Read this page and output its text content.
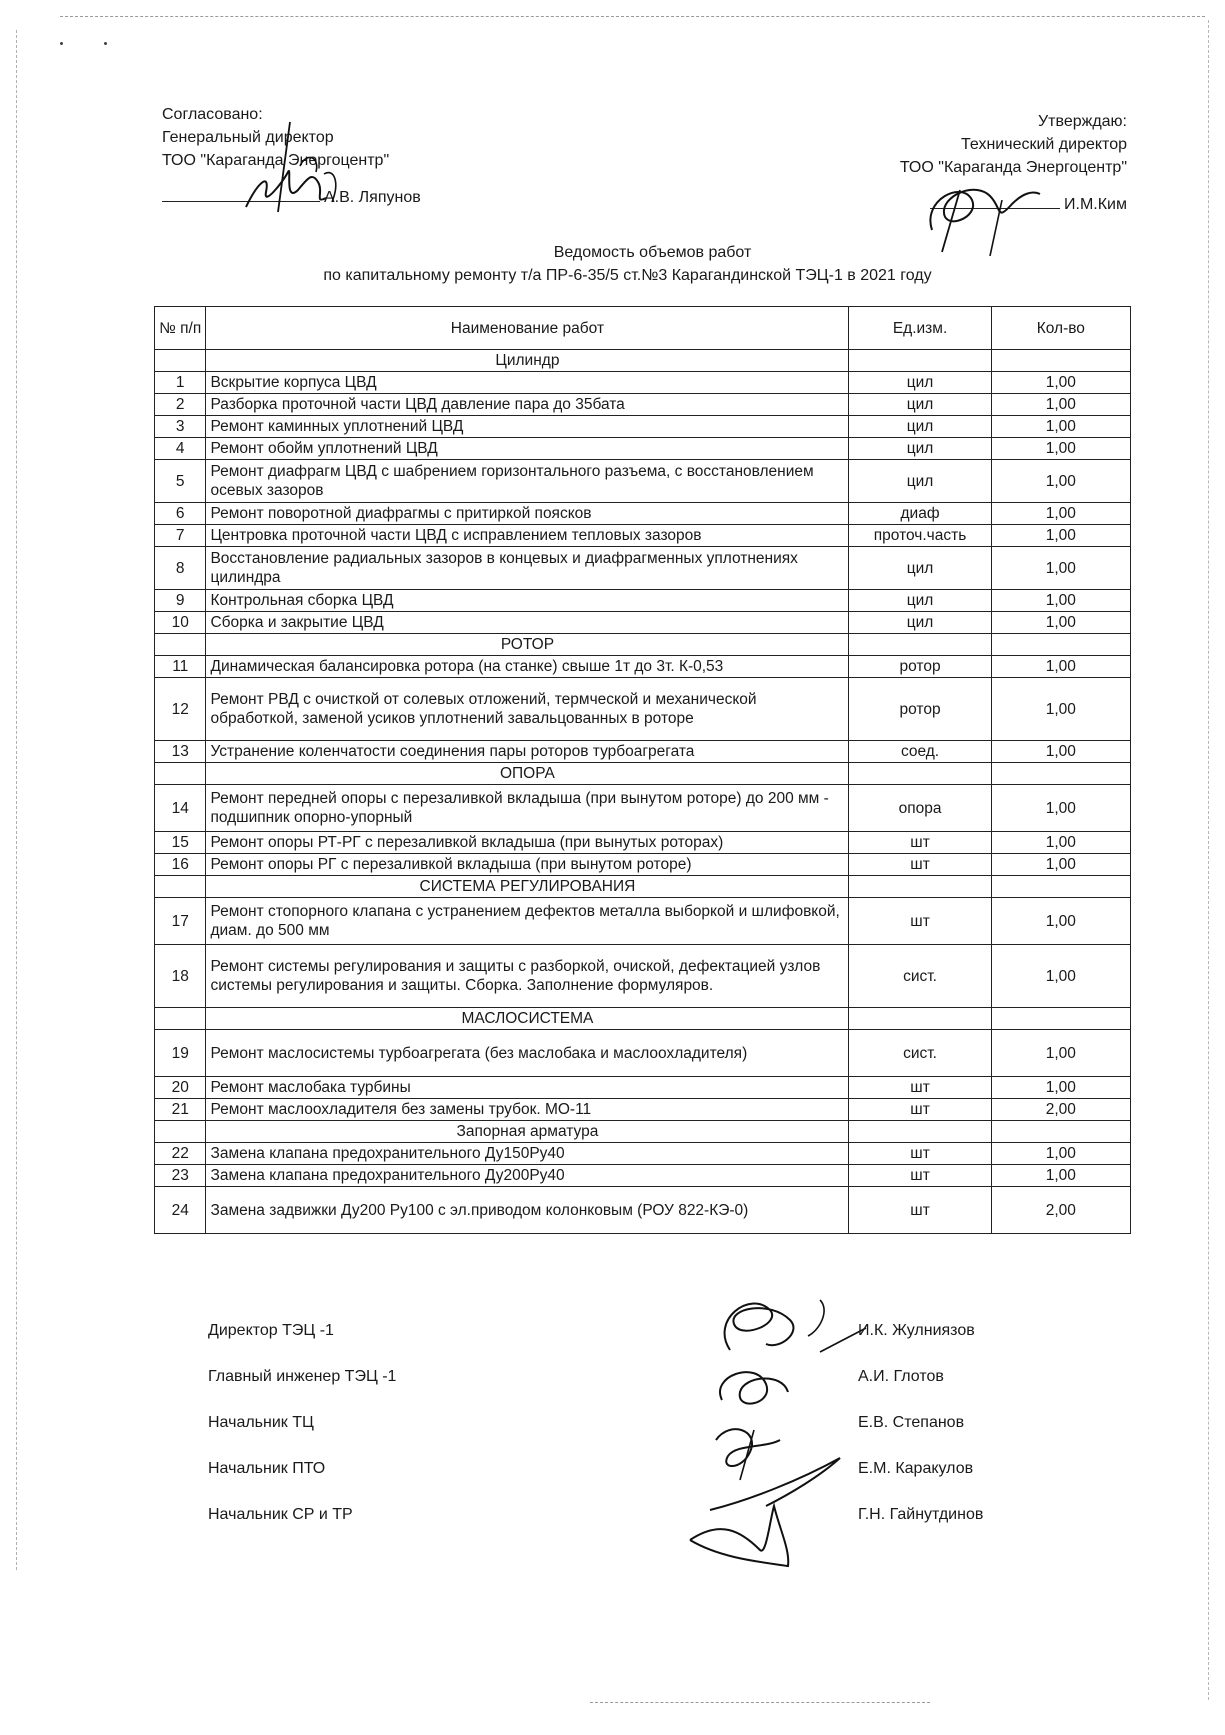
Согласовано:
Генеральный директор
ТОО "Караганда Энергоцентр"
А.В. Ляпунов
Утверждаю:
Технический директор
ТОО "Караганда Энергоцентр"
И.М.Ким
Ведомость объемов работ
по капитальному ремонту т/а ПР-6-35/5 ст.№3 Карагандинской ТЭЦ-1 в 2021 году
№ п/п	Наименование работ	Ед.изм.	Кол-во
	Цилиндр		
1	Вскрытие корпуса ЦВД	цил	1,00
2	Разборка проточной части ЦВД давление пара до 35бата	цил	1,00
3	Ремонт каминных уплотнений ЦВД	цил	1,00
4	Ремонт обойм уплотнений ЦВД	цил	1,00
5	Ремонт диафрагм ЦВД с шабрением горизонтального разъема, с восстановлением осевых зазоров	цил	1,00
6	Ремонт поворотной диафрагмы с притиркой поясков	диаф	1,00
7	Центровка проточной части ЦВД с исправлением тепловых зазоров	проточ.часть	1,00
8	Восстановление радиальных зазоров в концевых и диафрагменных уплотнениях цилиндра	цил	1,00
9	Контрольная сборка ЦВД	цил	1,00
10	Сборка и закрытие ЦВД	цил	1,00
	РОТОР		
11	Динамическая балансировка ротора (на станке) свыше 1т до 3т. К-0,53	ротор	1,00
12	Ремонт РВД с очисткой от солевых отложений, термческой и механической обработкой, заменой усиков уплотнений завальцованных в роторе	ротор	1,00
13	Устранение коленчатости соединения пары роторов турбоагрегата	соед.	1,00
	ОПОРА		
14	Ремонт передней опоры с перезаливкой вкладыша (при вынутом роторе) до 200 мм - подшипник опорно-упорный	опора	1,00
15	Ремонт опоры РТ-РГ с перезаливкой вкладыша (при вынутых роторах)	шт	1,00
16	Ремонт опоры РГ с перезаливкой вкладыша (при вынутом роторе)	шт	1,00
	СИСТЕМА РЕГУЛИРОВАНИЯ		
17	Ремонт стопорного клапана с устранением дефектов металла выборкой и шлифовкой, диам. до 500 мм	шт	1,00
18	Ремонт системы регулирования и защиты с разборкой, очиской, дефектацией узлов системы регулирования и защиты. Сборка. Заполнение формуляров.	сист.	1,00
	МАСЛОСИСТЕМА		
19	Ремонт маслосистемы турбоагрегата (без маслобака и маслоохладителя)	сист.	1,00
20	Ремонт маслобака турбины	шт	1,00
21	Ремонт маслоохладителя без замены трубок. МО-11	шт	2,00
	Запорная арматура		
22	Замена клапана предохранительного Ду150Ру40	шт	1,00
23	Замена клапана предохранительного Ду200Ру40	шт	1,00
24	Замена задвижки Ду200 Ру100 с эл.приводом колонковым (РОУ 822-КЭ-0)	шт	2,00
Директор ТЭЦ -1
Главный инженер ТЭЦ -1
Начальник ТЦ
Начальник ПТО
Начальник СР и ТР
И.К. Жулниязов
А.И. Глотов
Е.В. Степанов
Е.М. Каракулов
Г.Н. Гайнутдинов
